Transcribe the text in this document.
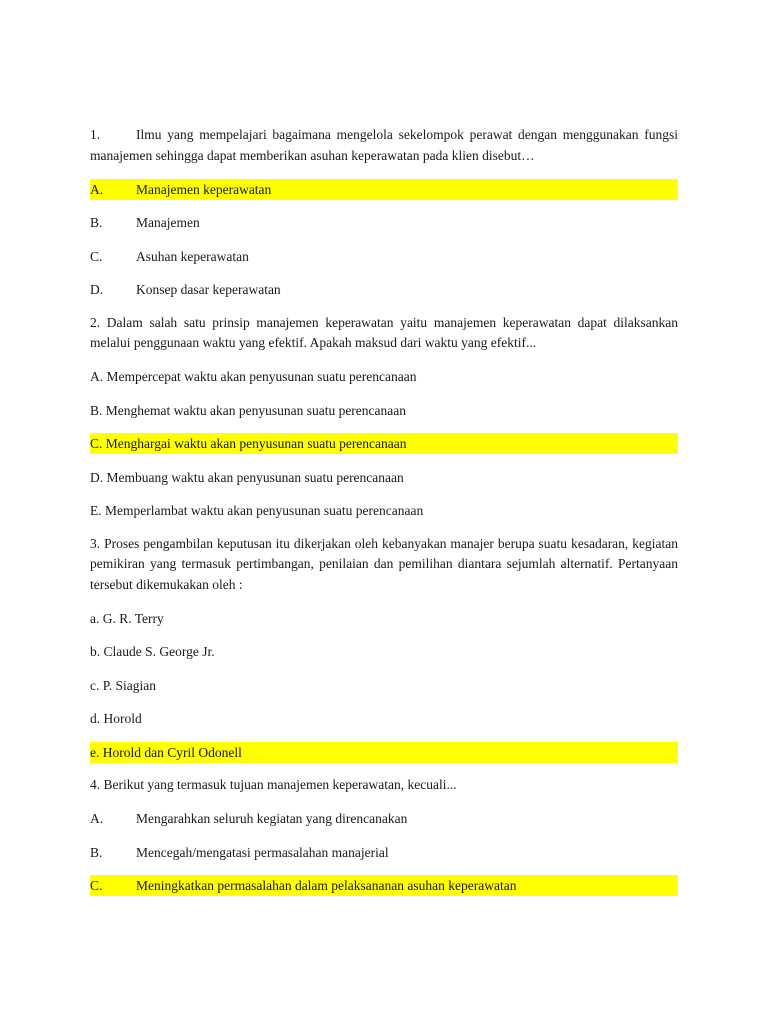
1.	Ilmu yang mempelajari bagaimana mengelola sekelompok perawat dengan menggunakan fungsi manajemen sehingga dapat memberikan asuhan keperawatan pada klien disebut…

A. Manajemen keperawatan
B. Manajemen
C. Asuhan keperawatan
D. Konsep dasar keperawatan

2. Dalam salah satu prinsip manajemen keperawatan yaitu manajemen keperawatan dapat dilaksankan melalui penggunaan waktu yang efektif. Apakah maksud dari waktu yang efektif...

A. Mempercepat waktu akan penyusunan suatu perencanaan
B. Menghemat waktu akan penyusunan suatu perencanaan
C. Menghargai waktu akan penyusunan suatu perencanaan
D. Membuang waktu akan penyusunan suatu perencanaan
E. Memperlambat waktu akan penyusunan suatu perencanaan

3. Proses pengambilan keputusan itu dikerjakan oleh kebanyakan manajer berupa suatu kesadaran, kegiatan pemikiran yang termasuk pertimbangan, penilaian dan pemilihan diantara sejumlah alternatif. Pertanyaan tersebut dikemukakan oleh :

a. G. R. Terry
b. Claude S. George Jr.
c. P. Siagian
d. Horold
e. Horold dan Cyril Odonell

4. Berikut yang termasuk tujuan manajemen keperawatan, kecuali...

A. Mengarahkan seluruh kegiatan yang direncanakan
B. Mencegah/mengatasi permasalahan manajerial
C. Meningkatkan permasalahan dalam pelaksananan asuhan keperawatan
